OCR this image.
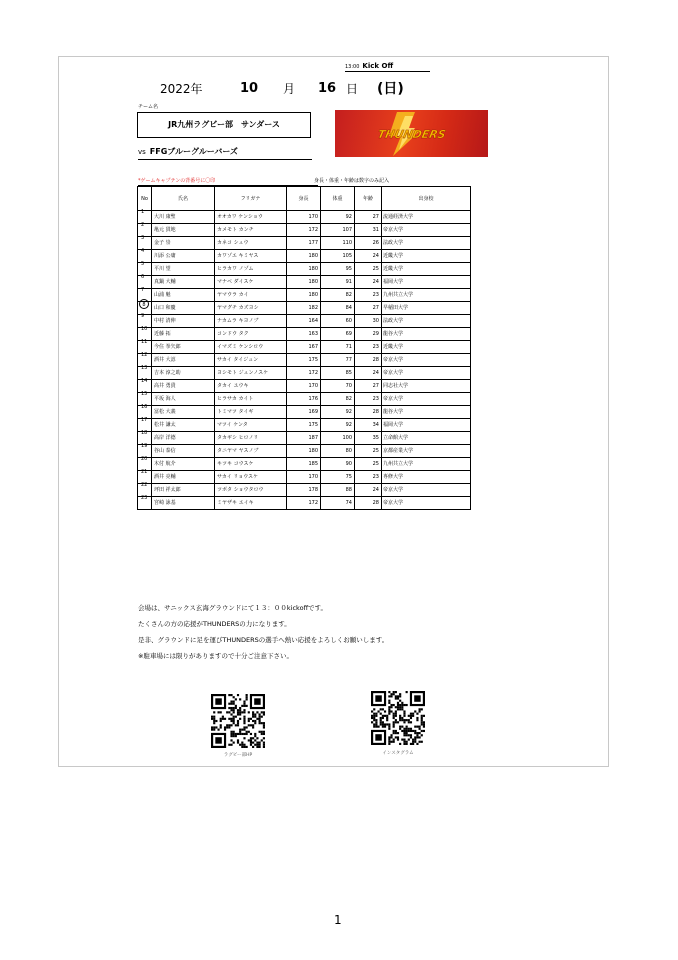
13:00 Kick Off
2022年	10 月 16 日 (日)
チーム名
JR九州ラグビー部　サンダース
vs FFGブルーグルーバーズ
THUNDERS
*ゲームキャプテンの背番号に〇印	身長・体重・年齢は数字のみ記入
No	氏名	フリガナ	身長	体重	年齢	出身校

1	大川 康聖	オオカワ ケンショウ	170	92	27	流通経済大学

2	亀元 貫地	カメモト カンチ	172	107	31	帝京大学

3	金子 崇	カネコ シュウ	177	110	26	法政大学

4	川添 公庸	カワゾエ キミヤス	180	105	24	近畿大学

5	平川 望	ヒラカワ ノゾム	180	95	25	近畿大学

6	真鍋 大輔	マナベ ダイスケ	180	91	24	福岡大学

7	山浦 魁	ヤマウラ カイ	180	82	23	九州共立大学

8	山口 和慶	ヤマグチ カズヨシ	182	84	27	早稲田大学

9	中村 清伸	ナカムラ キヨノブ	164	60	30	法政大学

10	近藤 拓	コンドウ タク	163	69	29	龍谷大学

11	今住 拳矢郎	イマズミ ケンシロウ	167	71	23	近畿大学

12	酒井 大諄	サカイ タイジュン	175	77	28	帝京大学

13	吉本 淳之助	ヨシモト ジュンノスケ	172	85	24	帝京大学

14	高井 勇貴	タカイ ユウキ	170	70	27	同志社大学

15	平坂 海人	ヒラサカ カイト	176	82	23	帝京大学

16	冨松 大義	トミマツ タイギ	169	92	28	龍谷大学

17	松井 謙太	マツイ ケンタ	175	92	34	福岡大学

18	高岸 洋德	タカギシ ヒロノリ	187	100	35	立命館大学

19	谷山 泰信	タニヤマ ヤスノブ	180	80	25	京都産業大学

20	木付 航介	キツキ コウスケ	185	90	25	九州共立大学

21	酒井 亮輔	サカイ リョウスケ	170	75	23	専修大学

22	坪田 祥太郎	ツボタ ショウタロウ	178	88	24	帝京大学

23	宮崎 詠基	ミヤザキ エイキ	172	74	28	帝京大学
会場は、サニックス玄海グラウンドにて１３：００kickoffです。
たくさんの方の応援がTHUNDERSの力になります。
是非、グラウンドに足を運びTHUNDERSの選手へ熱い応援をよろしくお願いします。
※駐車場には限りがありますので十分ご注意下さい。
ラグビー部HP	インスタグラム
1
